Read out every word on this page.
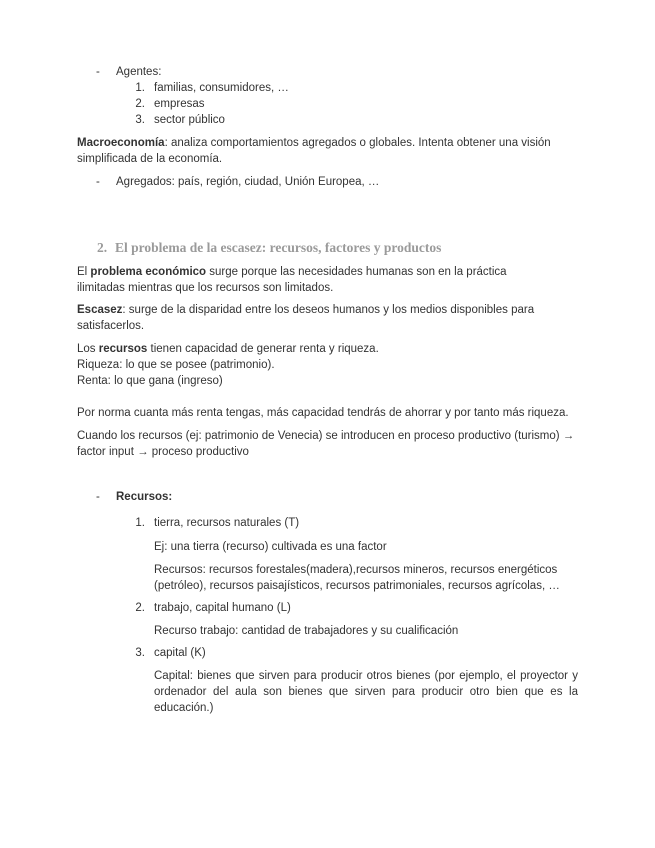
- Agentes:
1. familias, consumidores, …
2. empresas
3. sector público
Macroeconomía: analiza comportamientos agregados o globales. Intenta obtener una visión simplificada de la economía.
- Agregados: país, región, ciudad, Unión Europea, …
2. El problema de la escasez: recursos, factores y productos
El problema económico surge porque las necesidades humanas son en la práctica ilimitadas mientras que los recursos son limitados.
Escasez: surge de la disparidad entre los deseos humanos y los medios disponibles para satisfacerlos.
Los recursos tienen capacidad de generar renta y riqueza.
Riqueza: lo que se posee (patrimonio).
Renta: lo que gana (ingreso)
Por norma cuanta más renta tengas, más capacidad tendrás de ahorrar y por tanto más riqueza.
Cuando los recursos (ej: patrimonio de Venecia) se introducen en proceso productivo (turismo) → factor input → proceso productivo
- Recursos:
1. tierra, recursos naturales (T)
Ej: una tierra (recurso) cultivada es una factor
Recursos: recursos forestales(madera),recursos mineros, recursos energéticos (petróleo), recursos paisajísticos, recursos patrimoniales, recursos agrícolas, …
2. trabajo, capital humano (L)
Recurso trabajo: cantidad de trabajadores y su cualificación
3. capital (K)
Capital: bienes que sirven para producir otros bienes (por ejemplo, el proyector y ordenador del aula son bienes que sirven para producir otro bien que es la educación.)
